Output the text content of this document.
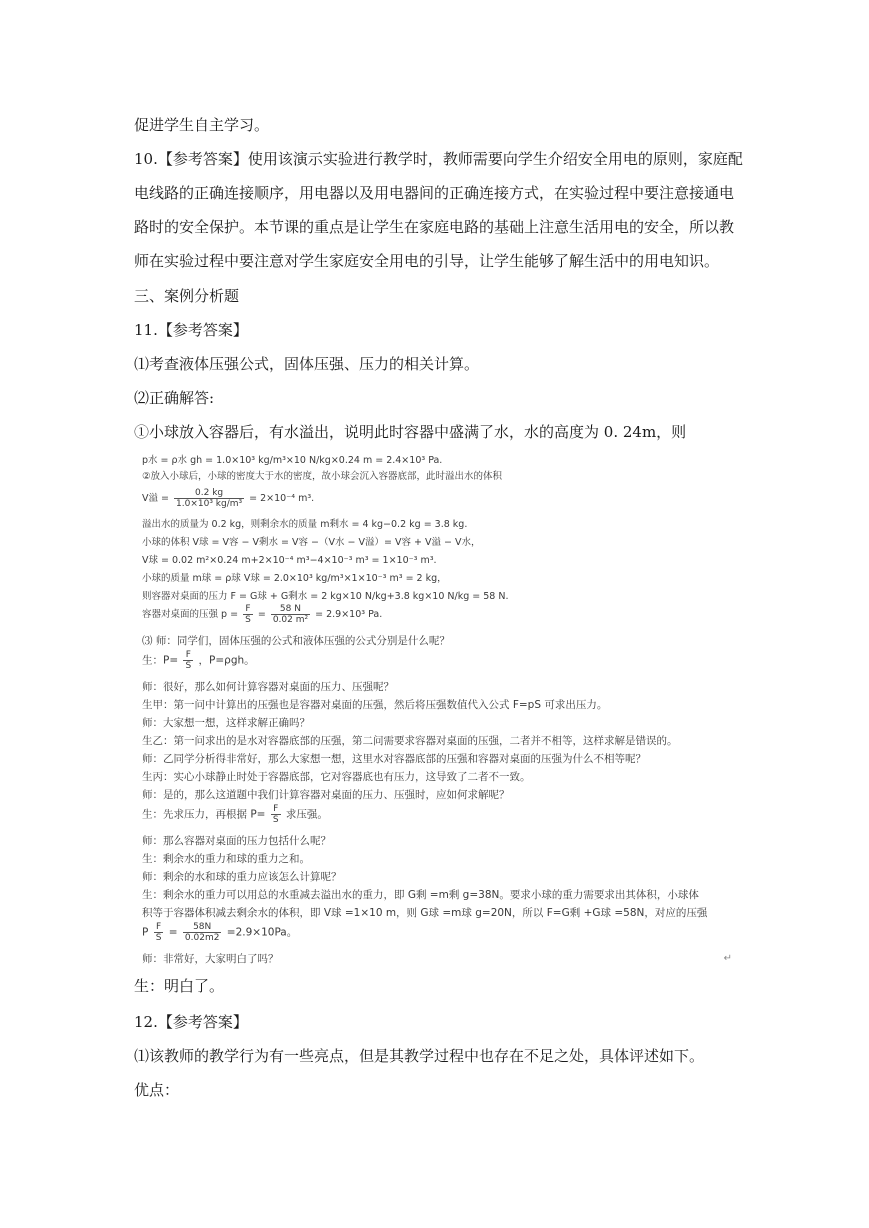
促进学生自主学习。

10.【参考答案】使用该演示实验进行教学时，教师需要向学生介绍安全用电的原则，家庭配电线路的正确连接顺序，用电器以及用电器间的正确连接方式，在实验过程中要注意接通电路时的安全保护。本节课的重点是让学生在家庭电路的基础上注意生活用电的安全，所以教师在实验过程中要注意对学生家庭安全用电的引导，让学生能够了解生活中的用电知识。

三、案例分析题

11.【参考答案】

⑴考查液体压强公式，固体压强、压力的相关计算。

⑵正确解答:

①小球放入容器后，有水溢出，说明此时容器中盛满了水，水的高度为 0. 24m，则

p水 = ρ水 gh = 1.0×10³ kg/m³×10 N/kg×0.24 m = 2.4×10³ Pa.
②放入小球后，小球的密度大于水的密度，故小球会沉入容器底部，此时溢出水的体积
V溢 = $\frac{0.2 kg}{\text{1.0×10³ kg/m³}} = 2\times 10^{-4}$ m³.
溢出水的质量为 0.2 kg，则剩余水的质量 m剩水 = 4 kg−0.2 kg = 3.8 kg.
小球的体积 V球 = V容 − V剩水 = V容 −（V水 − V溢）= V容 + V溢 − V水，
V球 = 0.02 m²×0.24 m+2×10⁻⁴ m³−4×10⁻³ m³ = 1×10⁻³ m³.
小球的质量 m球 = ρ球 V球 = 2.0×10³ kg/m³×1×10⁻³ m³ = 2 kg，
则容器对桌面的压力 F = G球 + G剩水 = 2 kg×10 N/kg+3.8 kg×10 N/kg = 58 N.
容器对桌面的压强 $p = \frac{F}{S} = \frac{58 N}{\text{0.02 m²}} = 2.9\times 10^3$ Pa.
⑶ 师：同学们，固体压强的公式和液体压强的公式分别是什么呢？
生：$P= \frac{F}{S}$ ，P=ρgh。
师：很好，那么如何计算容器对桌面的压力、压强呢？
生甲：第一问中计算出的压强也是容器对桌面的压强，然后将压强数值代入公式 F=pS 可求出压力。
师：大家想一想，这样求解正确吗？
生乙：第一问求出的是水对容器底部的压强，第二问需要求容器对桌面的压强，二者并不相等，这样求解是错误的。
师：乙同学分析得非常好，那么大家想一想，这里水对容器底部的压强和容器对桌面的压强为什么不相等呢？
生丙：实心小球静止时处于容器底部，它对容器底也有压力，这导致了二者不一致。
师：是的，那么这道题中我们计算容器对桌面的压力、压强时，应如何求解呢？
生：先求压力，再根据 $P= \frac{F}{S}$ 求压强。
师：那么容器对桌面的压力包括什么呢？
生：剩余水的重力和球的重力之和。
师：剩余的水和球的重力应该怎么计算呢？
生：剩余水的重力可以用总的水重减去溢出水的重力，即 G剩 =m剩 g=38N。要求小球的重力需要求出其体积，小球体
积等于容器体积减去剩余水的体积，即 V球 =1×10 m，则 G球 =m球 g=20N，所以 F=G剩 +G球 =58N，对应的压强
P $\frac{F}{S} = \frac{58N}{0.02m2} =2.9\times 10Pa$。
师：非常好，大家明白了吗？	↵

生：明白了。

12.【参考答案】

⑴该教师的教学行为有一些亮点，但是其教学过程中也存在不足之处，具体评述如下。

优点：
